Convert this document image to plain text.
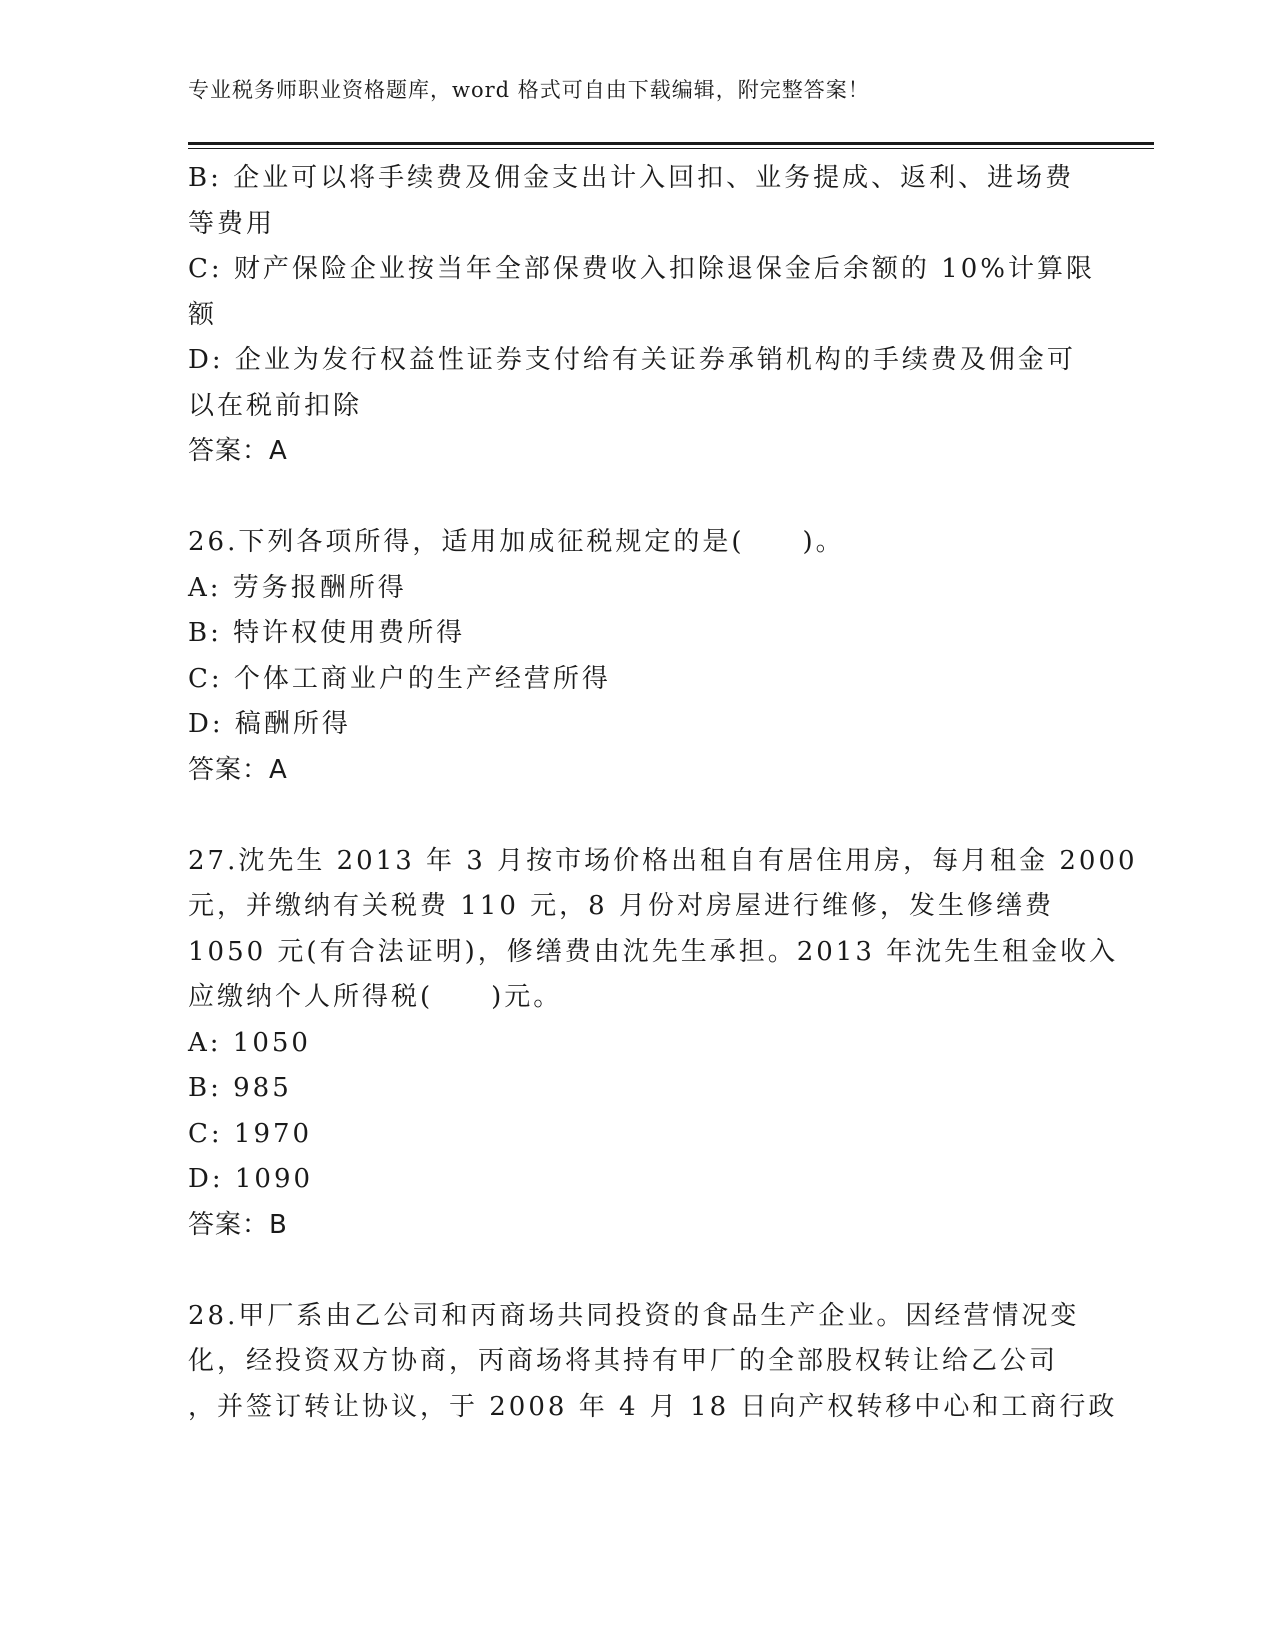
专业税务师职业资格题库，word 格式可自由下载编辑，附完整答案！
B: 企业可以将手续费及佣金支出计入回扣、业务提成、返利、进场费
等费用
C: 财产保险企业按当年全部保费收入扣除退保金后余额的 10%计算限
额
D: 企业为发行权益性证券支付给有关证券承销机构的手续费及佣金可
以在税前扣除
答案：A
26.下列各项所得，适用加成征税规定的是(　　)。
A: 劳务报酬所得
B: 特许权使用费所得
C: 个体工商业户的生产经营所得
D: 稿酬所得
答案：A
27.沈先生 2013 年 3 月按市场价格出租自有居住用房，每月租金 2000
元，并缴纳有关税费 110 元，8 月份对房屋进行维修，发生修缮费
1050 元(有合法证明)，修缮费由沈先生承担。2013 年沈先生租金收入
应缴纳个人所得税(　　)元。
A: 1050
B: 985
C: 1970
D: 1090
答案：B
28.甲厂系由乙公司和丙商场共同投资的食品生产企业。因经营情况变
化，经投资双方协商，丙商场将其持有甲厂的全部股权转让给乙公司
，并签订转让协议，于 2008 年 4 月 18 日向产权转移中心和工商行政
